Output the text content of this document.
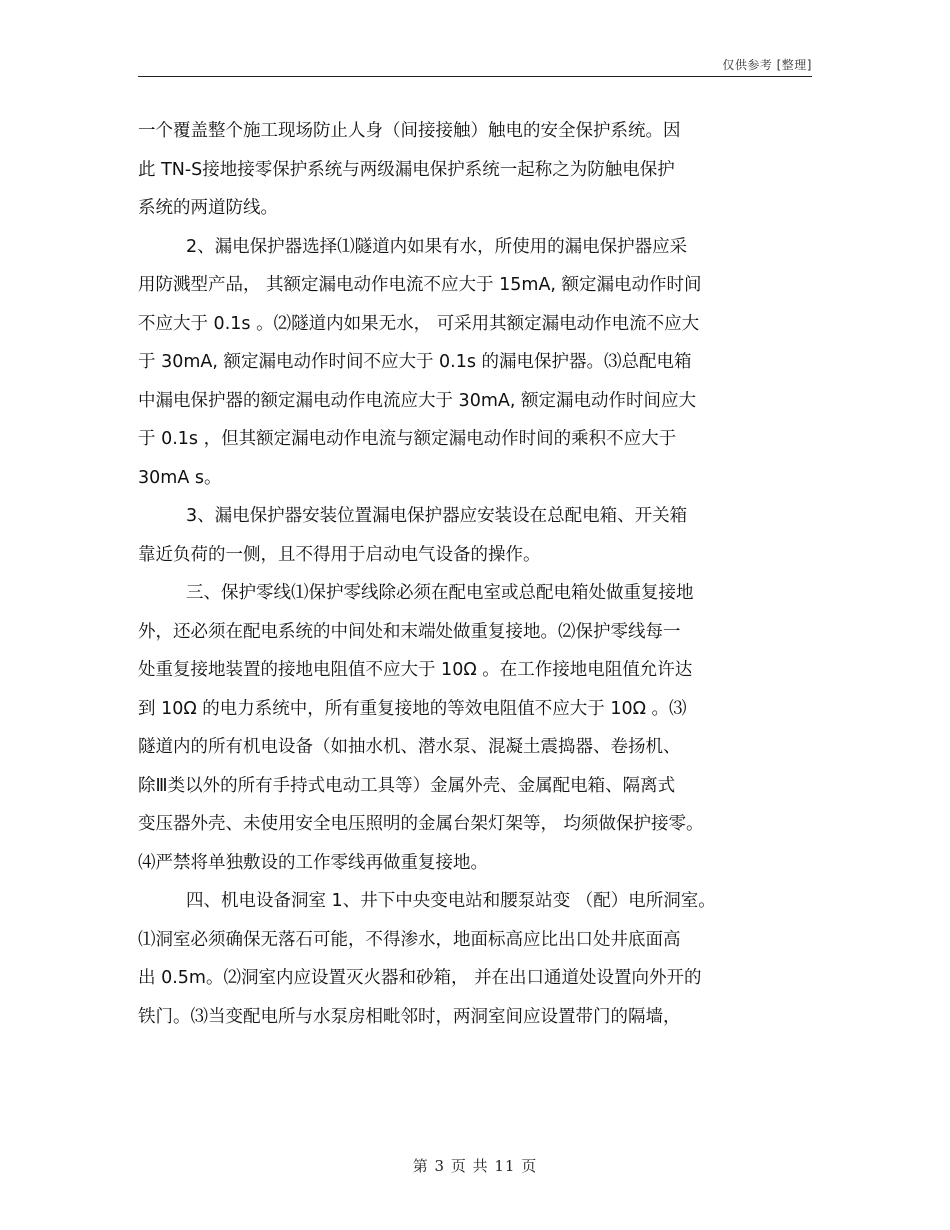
仅供参考 [整理]
一个覆盖整个施工现场防止人身（间接接触）触电的安全保护系统。因
此 TN-S接地接零保护系统与两级漏电保护系统一起称之为防触电保护
系统的两道防线。
2、漏电保护器选择⑴隧道内如果有水，所使用的漏电保护器应采
用防溅型产品， 其额定漏电动作电流不应大于 15mA, 额定漏电动作时间
不应大于 0.1s 。⑵隧道内如果无水， 可采用其额定漏电动作电流不应大
于 30mA, 额定漏电动作时间不应大于 0.1s 的漏电保护器。⑶总配电箱
中漏电保护器的额定漏电动作电流应大于 30mA, 额定漏电动作时间应大
于 0.1s ，但其额定漏电动作电流与额定漏电动作时间的乘积不应大于
30mA s。
3、漏电保护器安装位置漏电保护器应安装设在总配电箱、开关箱
靠近负荷的一侧，且不得用于启动电气设备的操作。
三、保护零线⑴保护零线除必须在配电室或总配电箱处做重复接地
外，还必须在配电系统的中间处和末端处做重复接地。⑵保护零线每一
处重复接地装置的接地电阻值不应大于 10Ω 。在工作接地电阻值允许达
到 10Ω 的电力系统中，所有重复接地的等效电阻值不应大于 10Ω 。⑶
隧道内的所有机电设备（如抽水机、潜水泵、混凝土震捣器、卷扬机、
除Ⅲ类以外的所有手持式电动工具等）金属外壳、金属配电箱、隔离式
变压器外壳、未使用安全电压照明的金属台架灯架等， 均须做保护接零。
⑷严禁将单独敷设的工作零线再做重复接地。
四、机电设备洞室 1、井下中央变电站和腰泵站变 （配）电所洞室。
⑴洞室必须确保无落石可能，不得渗水，地面标高应比出口处井底面高
出 0.5m。⑵洞室内应设置灭火器和砂箱， 并在出口通道处设置向外开的
铁门。⑶当变配电所与水泵房相毗邻时，两洞室间应设置带门的隔墙，
第 3 页 共 11 页
